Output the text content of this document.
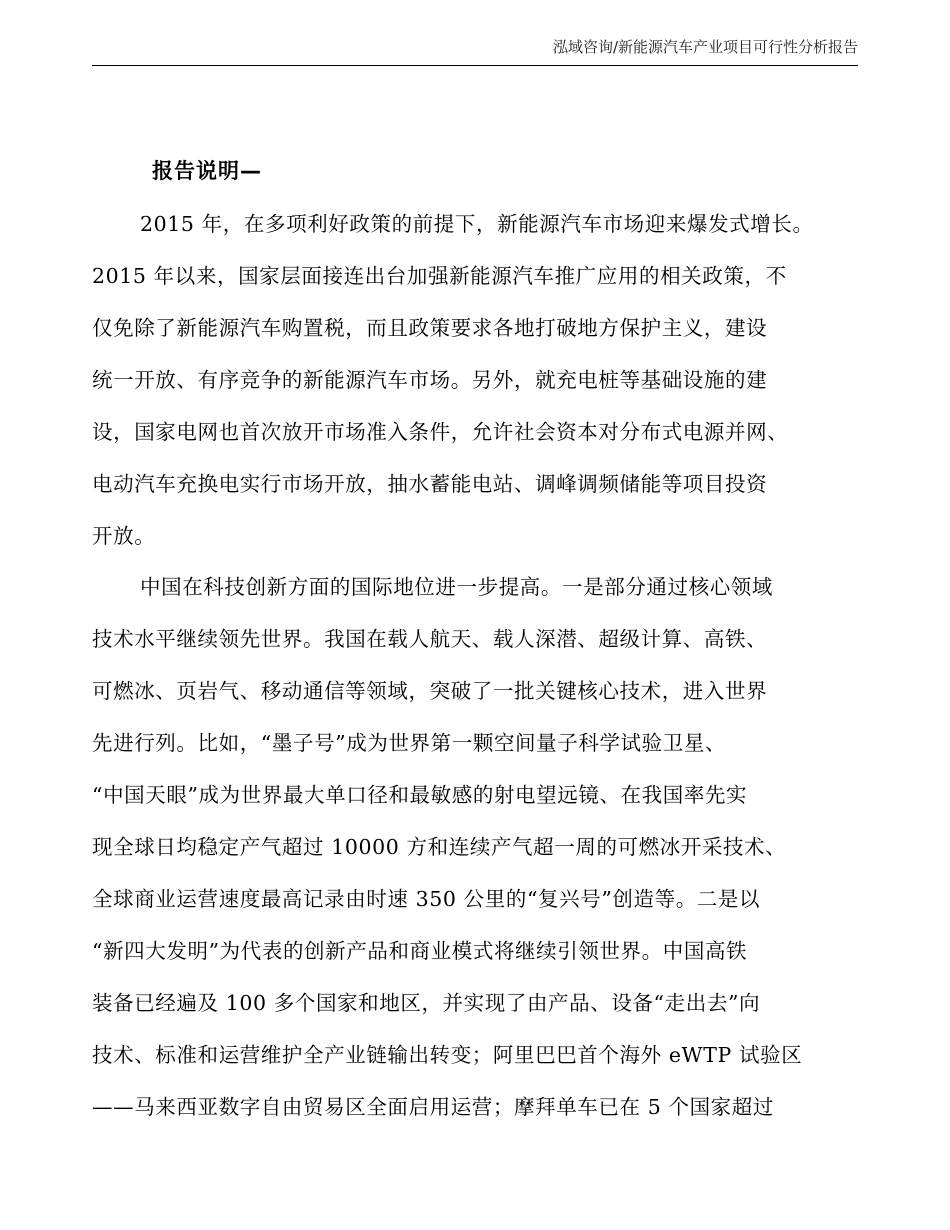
泓域咨询/新能源汽车产业项目可行性分析报告
报告说明—
2015 年，在多项利好政策的前提下，新能源汽车市场迎来爆发式增长。
2015 年以来，国家层面接连出台加强新能源汽车推广应用的相关政策，不
仅免除了新能源汽车购置税，而且政策要求各地打破地方保护主义，建设
统一开放、有序竞争的新能源汽车市场。另外，就充电桩等基础设施的建
设，国家电网也首次放开市场准入条件，允许社会资本对分布式电源并网、
电动汽车充换电实行市场开放，抽水蓄能电站、调峰调频储能等项目投资
开放。
中国在科技创新方面的国际地位进一步提高。一是部分通过核心领域
技术水平继续领先世界。我国在载人航天、载人深潜、超级计算、高铁、
可燃冰、页岩气、移动通信等领域，突破了一批关键核心技术，进入世界
先进行列。比如，“墨子号”成为世界第一颗空间量子科学试验卫星、
“中国天眼”成为世界最大单口径和最敏感的射电望远镜、在我国率先实
现全球日均稳定产气超过 10000 方和连续产气超一周的可燃冰开采技术、
全球商业运营速度最高记录由时速 350 公里的“复兴号”创造等。二是以
“新四大发明”为代表的创新产品和商业模式将继续引领世界。中国高铁
装备已经遍及 100 多个国家和地区，并实现了由产品、设备“走出去”向
技术、标准和运营维护全产业链输出转变；阿里巴巴首个海外 eWTP 试验区
——马来西亚数字自由贸易区全面启用运营；摩拜单车已在 5 个国家超过
